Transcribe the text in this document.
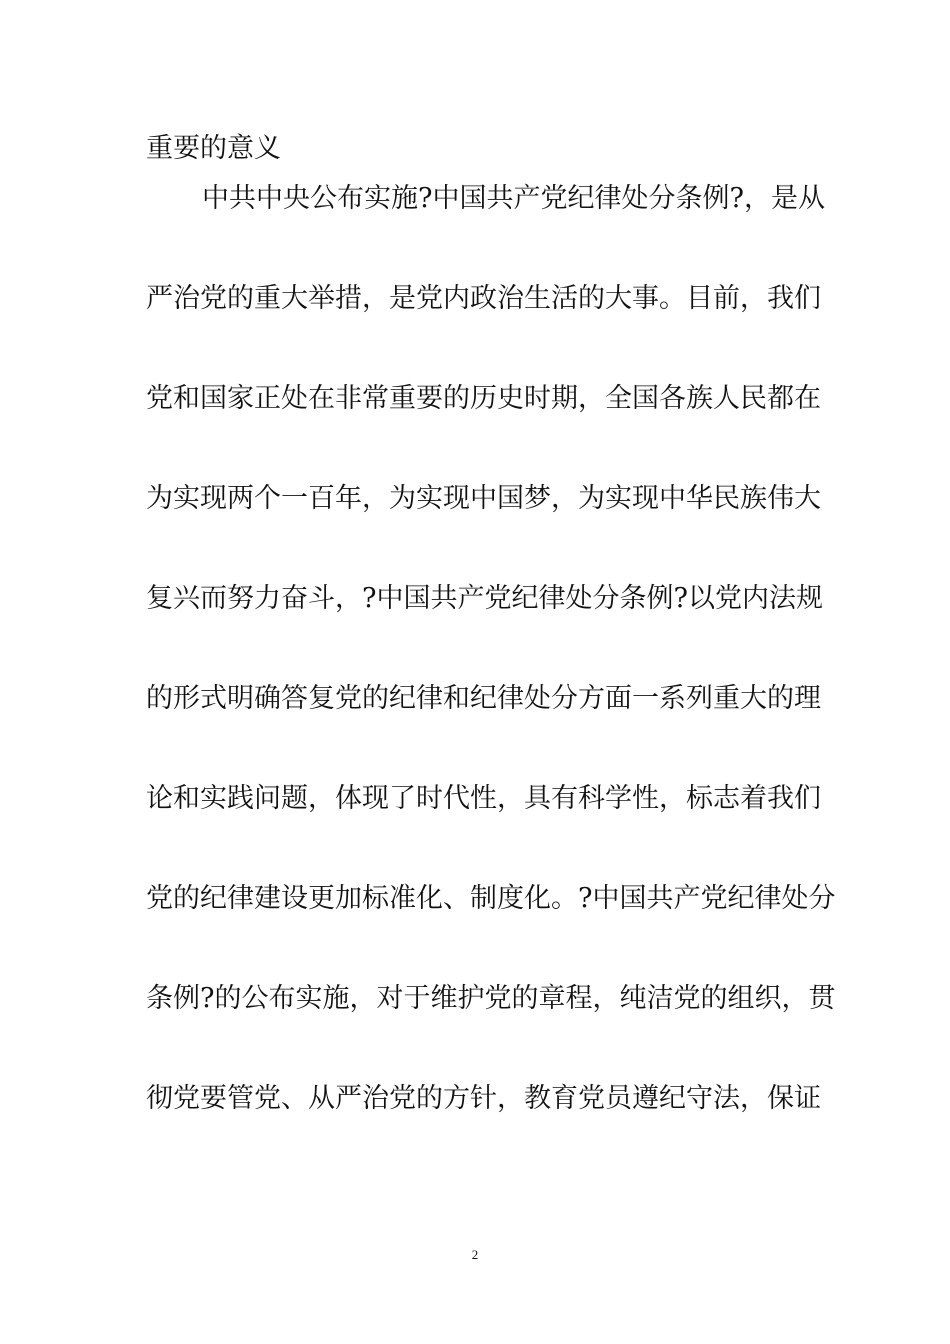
重要的意义
中共中央公布实施?中国共产党纪律处分条例?，是从
严治党的重大举措，是党内政治生活的大事。目前，我们
党和国家正处在非常重要的历史时期，全国各族人民都在
为实现两个一百年，为实现中国梦，为实现中华民族伟大
复兴而努力奋斗，?中国共产党纪律处分条例?以党内法规
的形式明确答复党的纪律和纪律处分方面一系列重大的理
论和实践问题，体现了时代性，具有科学性，标志着我们
党的纪律建设更加标准化、制度化。?中国共产党纪律处分
条例?的公布实施，对于维护党的章程，纯洁党的组织，贯
彻党要管党、从严治党的方针，教育党员遵纪守法，保证
2
